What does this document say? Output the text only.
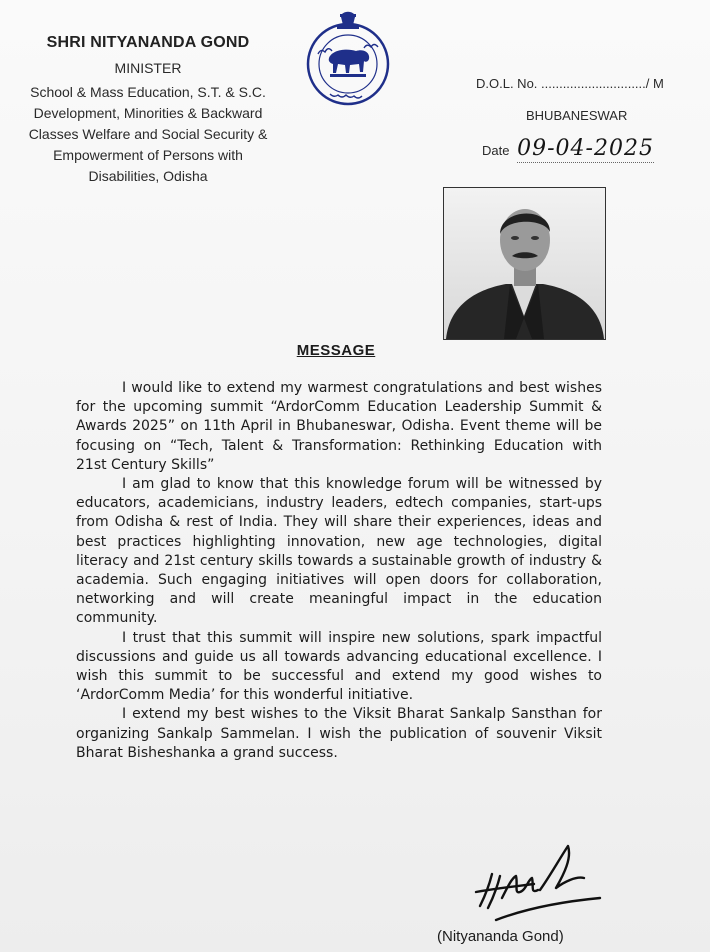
SHRI NITYANANDA GOND
MINISTER
School & Mass Education, S.T. & S.C.
Development, Minorities & Backward
Classes Welfare and Social Security &
Empowerment of Persons with
Disabilities, Odisha
D.O.L. No. ............................./ M
BHUBANESWAR
Date 09-04-2025
MESSAGE

I would like to extend my warmest congratulations and best wishes for the upcoming summit “ArdorComm Education Leadership Summit & Awards 2025” on 11th April in Bhubaneswar, Odisha. Event theme will be focusing on “Tech, Talent & Transformation: Rethinking Education with 21st Century Skills”

I am glad to know that this knowledge forum will be witnessed by educators, academicians, industry leaders, edtech companies, start-ups from Odisha & rest of India. They will share their experiences, ideas and best practices highlighting innovation, new age technologies, digital literacy and 21st century skills towards a sustainable growth of industry & academia. Such engaging initiatives will open doors for collaboration, networking and will create meaningful impact in the education community.

I trust that this summit will inspire new solutions, spark impactful discussions and guide us all towards advancing educational excellence. I wish this summit to be successful and extend my good wishes to ‘ArdorComm Media’ for this wonderful initiative.

I extend my best wishes to the Viksit Bharat Sankalp Sansthan for organizing Sankalp Sammelan. I wish the publication of souvenir Viksit Bharat Bisheshanka a grand success.

(Nityananda Gond)
